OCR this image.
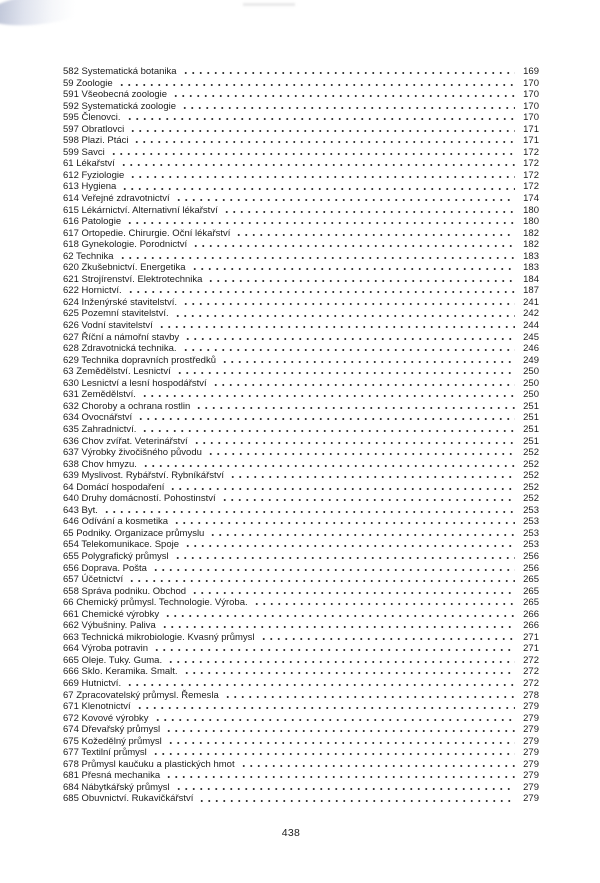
582 Systematická botanika	169
59 Zoologie	170
591 Všeobecná zoologie	170
592 Systematická zoologie	170
595 Členovci.	170
597 Obratlovci	171
598 Plazi. Ptáci	171
599 Savci	172
61 Lékařství	172
612 Fyziologie	172
613 Hygiena	172
614 Veřejné zdravotnictví	174
615 Lékárnictví. Alternativní lékařství	180
616 Patologie	180
617 Ortopedie. Chirurgie. Oční lékařství	182
618 Gynekologie. Porodnictví	182
62 Technika	183
620 Zkušebnictví. Energetika	183
621 Strojírenství. Elektrotechnika	184
622 Hornictví.	187
624 Inženýrské stavitelství.	241
625 Pozemní stavitelství.	242
626 Vodní stavitelství	244
627 Říční a námořní stavby	245
628 Zdravotnická technika.	246
629 Technika dopravních prostředků	249
63 Zemědělství. Lesnictví	250
630 Lesnictví a lesní hospodářství	250
631 Zemědělství.	250
632 Choroby a ochrana rostlin	251
634 Ovocnářství	251
635 Zahradnictví.	251
636 Chov zvířat. Veterinářství	251
637 Výrobky živočišného původu	252
638 Chov hmyzu.	252
639 Myslivost. Rybářství. Rybníkářství	252
64 Domácí hospodaření	252
640 Druhy domácností. Pohostinství	252
643 Byt.	253
646 Odívání a kosmetika	253
65 Podniky. Organizace průmyslu	253
654 Telekomunikace. Spoje	253
655 Polygrafický průmysl	256
656 Doprava. Pošta	256
657 Účetnictví	265
658 Správa podniku. Obchod	265
66 Chemický průmysl. Technologie. Výroba.	265
661 Chemické výrobky	266
662 Výbušniny. Paliva	266
663 Technická mikrobiologie. Kvasný průmysl	271
664 Výroba potravin	271
665 Oleje. Tuky. Guma.	272
666 Sklo. Keramika. Smalt.	272
669 Hutnictví.	272
67 Zpracovatelský průmysl. Řemesla	278
671 Klenotnictví	279
672 Kovové výrobky	279
674 Dřevařský průmysl	279
675 Kožedělný průmysl	279
677 Textilní průmysl	279
678 Průmysl kaučuku a plastických hmot	279
681 Přesná mechanika	279
684 Nábytkářský průmysl	279
685 Obuvnictví. Rukavičkářství	279
438
